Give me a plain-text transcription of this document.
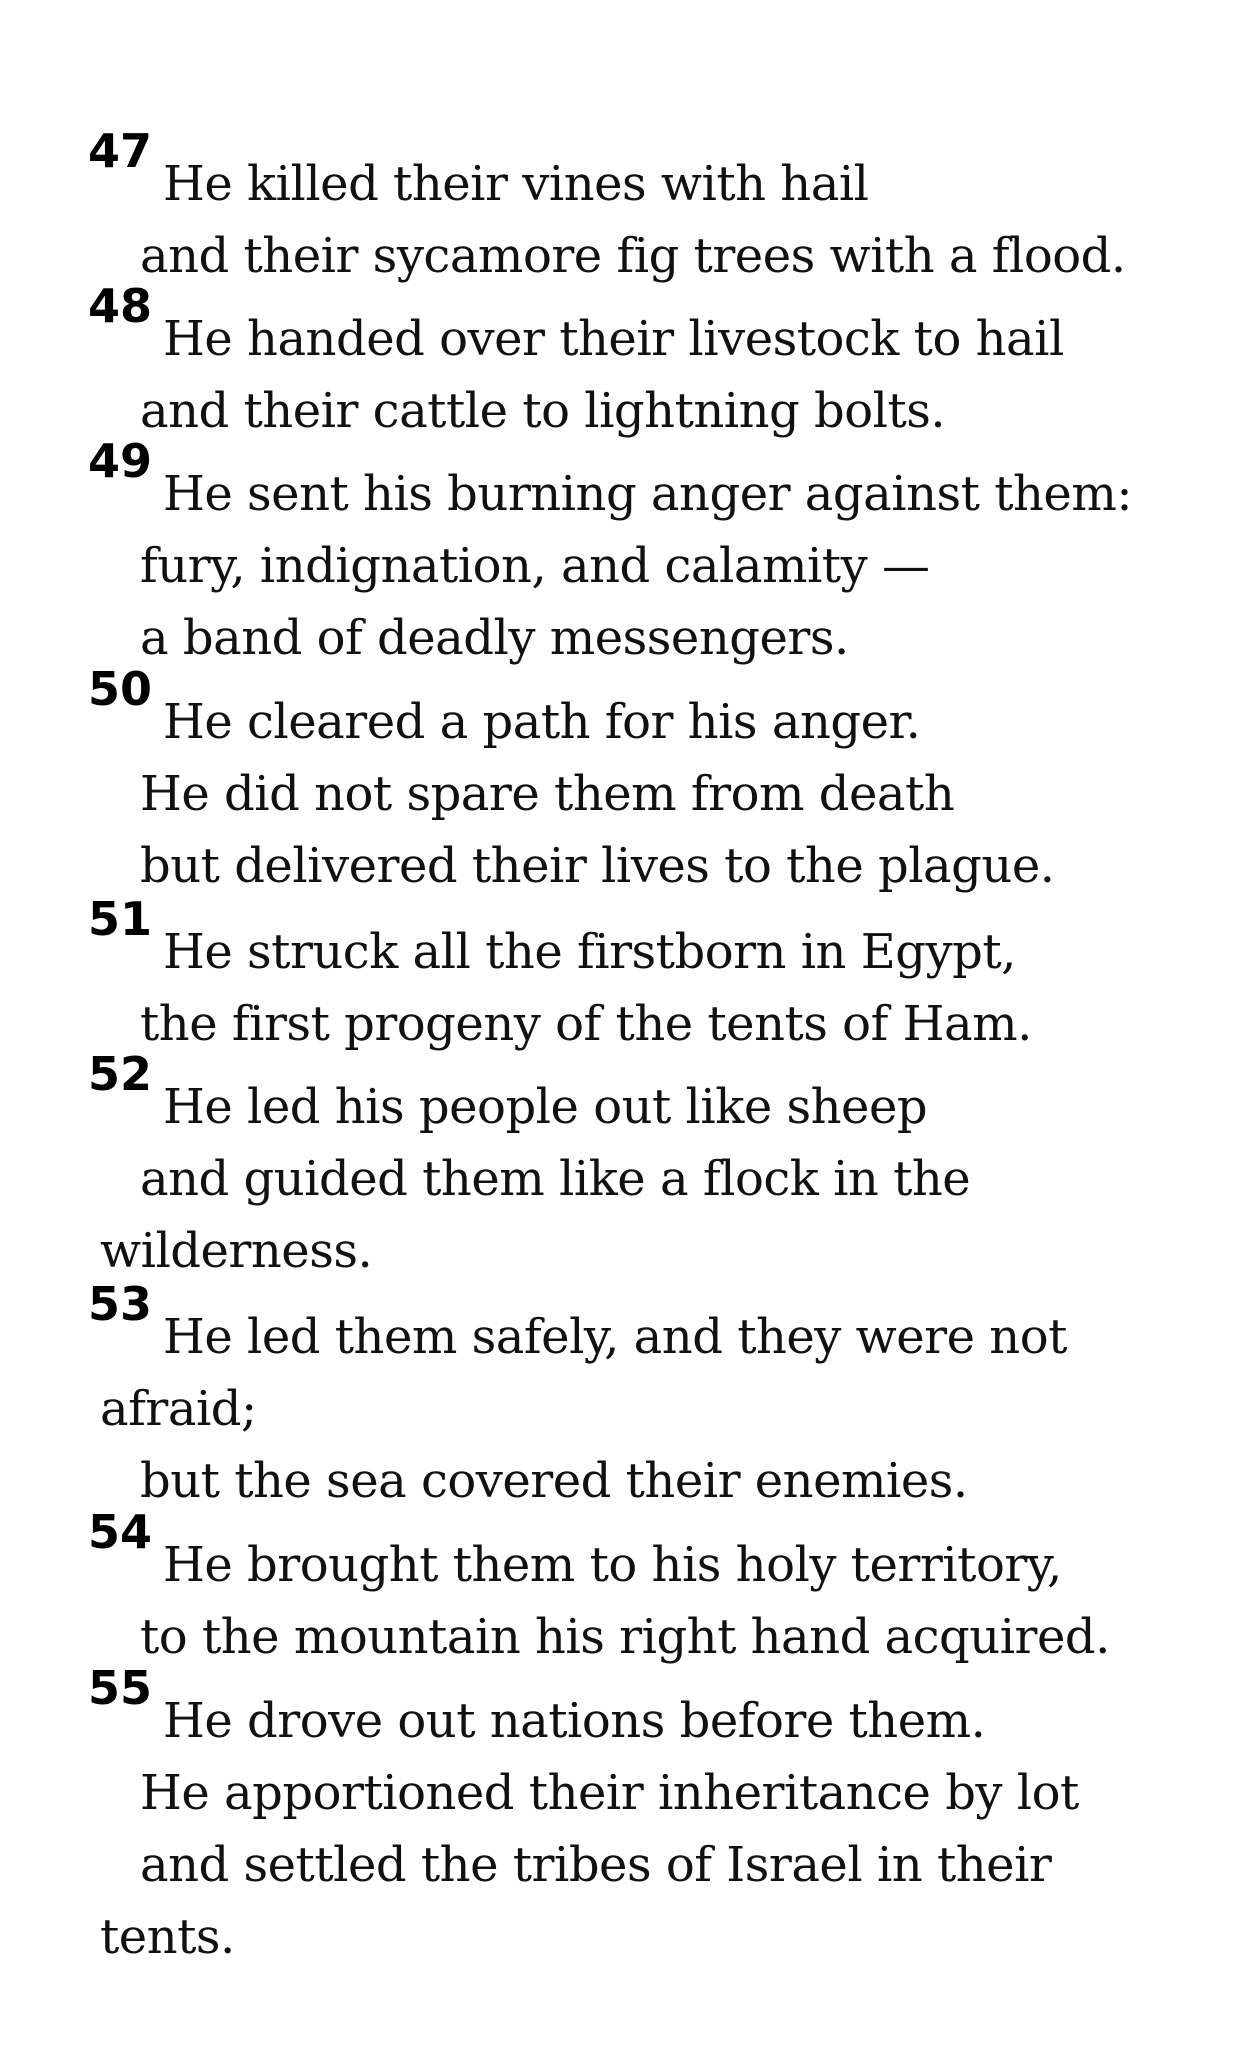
47
He killed their vines with hail
and their sycamore fig trees with a flood.
48
He handed over their livestock to hail
and their cattle to lightning bolts.
49
He sent his burning anger against them:
fury, indignation, and calamity —
a band of deadly messengers.
50
He cleared a path for his anger.
He did not spare them from death
but delivered their lives to the plague.
51
He struck all the firstborn in Egypt,
the first progeny of the tents of Ham.
52
He led his people out like sheep
and guided them like a flock in the
wilderness.
53
He led them safely, and they were not
afraid;
but the sea covered their enemies.
54
He brought them to his holy territory,
to the mountain his right hand acquired.
55
He drove out nations before them.
He apportioned their inheritance by lot
and settled the tribes of Israel in their
tents.
